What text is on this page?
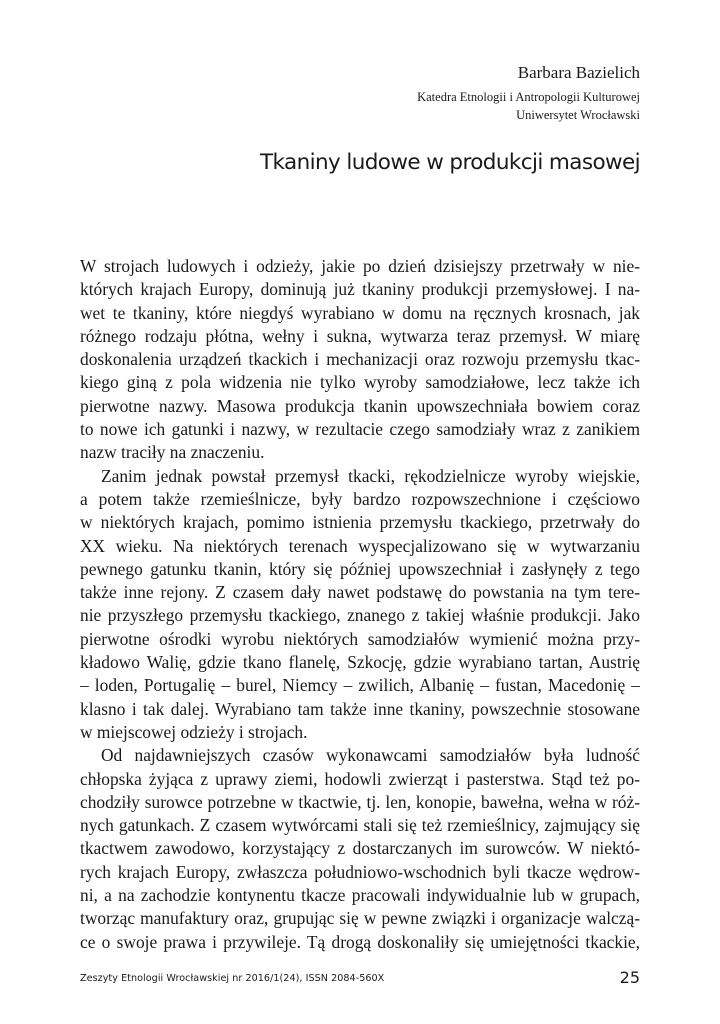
Barbara Bazielich
Katedra Etnologii i Antropologii Kulturowej
Uniwersytet Wrocławski
Tkaniny ludowe w produkcji masowej
W strojach ludowych i odzieży, jakie po dzień dzisiejszy przetrwały w nie-
których krajach Europy, dominują już tkaniny produkcji przemysłowej. I na-
wet te tkaniny, które niegdyś wyrabiano w domu na ręcznych krosnach, jak
różnego rodzaju płótna, wełny i sukna, wytwarza teraz przemysł. W miarę
doskonalenia urządzeń tkackich i mechanizacji oraz rozwoju przemysłu tkac-
kiego giną z pola widzenia nie tylko wyroby samodziałowe, lecz także ich
pierwotne nazwy. Masowa produkcja tkanin upowszechniała bowiem coraz
to nowe ich gatunki i nazwy, w rezultacie czego samodziały wraz z zanikiem
nazw traciły na znaczeniu.
Zanim jednak powstał przemysł tkacki, rękodzielnicze wyroby wiejskie,
a potem także rzemieślnicze, były bardzo rozpowszechnione i częściowo
w niektórych krajach, pomimo istnienia przemysłu tkackiego, przetrwały do
XX wieku. Na niektórych terenach wyspecjalizowano się w wytwarzaniu
pewnego gatunku tkanin, który się później upowszechniał i zasłynęły z tego
także inne rejony. Z czasem dały nawet podstawę do powstania na tym tere-
nie przyszłego przemysłu tkackiego, znanego z takiej właśnie produkcji. Jako
pierwotne ośrodki wyrobu niektórych samodziałów wymienić można przy-
kładowo Walię, gdzie tkano flanelę, Szkocję, gdzie wyrabiano tartan, Austrię
– loden, Portugalię – burel, Niemcy – zwilich, Albanię – fustan, Macedonię –
klasno i tak dalej. Wyrabiano tam także inne tkaniny, powszechnie stosowane
w miejscowej odzieży i strojach.
Od najdawniejszych czasów wykonawcami samodziałów była ludność
chłopska żyjąca z uprawy ziemi, hodowli zwierząt i pasterstwa. Stąd też po-
chodziły surowce potrzebne w tkactwie, tj. len, konopie, bawełna, wełna w róż-
nych gatunkach. Z czasem wytwórcami stali się też rzemieślnicy, zajmujący się
tkactwem zawodowo, korzystający z dostarczanych im surowców. W niektó-
rych krajach Europy, zwłaszcza południowo-wschodnich byli tkacze wędrow-
ni, a na zachodzie kontynentu tkacze pracowali indywidualnie lub w grupach,
tworząc manufaktury oraz, grupując się w pewne związki i organizacje walczą-
ce o swoje prawa i przywileje. Tą drogą doskonaliły się umiejętności tkackie,
Zeszyty Etnologii Wrocławskiej nr 2016/1(24), ISSN 2084-560X	25
